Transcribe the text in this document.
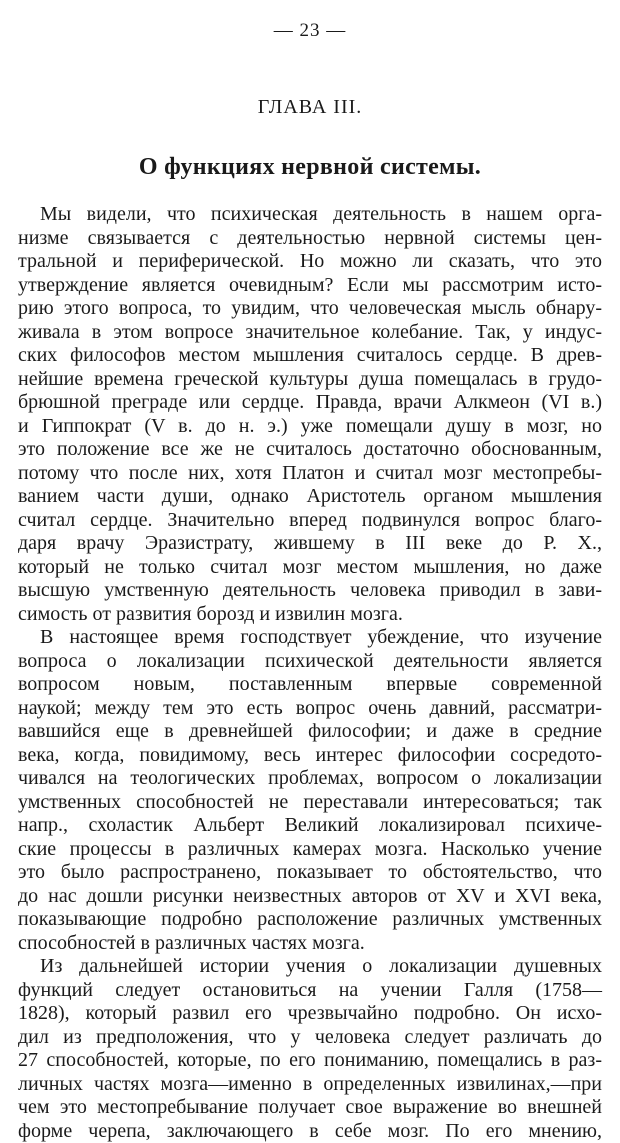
— 23 —
ГЛАВА III.
О функциях нервной системы.
Мы видели, что психическая деятельность в нашем орга-
низме связывается с деятельностью нервной системы цен-
тральной и периферической. Но можно ли сказать, что это
утверждение является очевидным? Если мы рассмотрим исто-
рию этого вопроса, то увидим, что человеческая мысль обнару-
живала в этом вопросе значительное колебание. Так, у индус-
ских философов местом мышления считалось сердце. В древ-
нейшие времена греческой культуры душа помещалась в грудо-
брюшной преграде или сердце. Правда, врачи Алкмеон (VI в.)
и Гиппократ (V в. до н. э.) уже помещали душу в мозг, но
это положение все же не считалось достаточно обоснованным,
потому что после них, хотя Платон и считал мозг местопребы-
ванием части души, однако Аристотель органом мышления
считал сердце. Значительно вперед подвинулся вопрос благо-
даря врачу Эразистрату, жившему в III веке до Р. Х.,
который не только считал мозг местом мышления, но даже
высшую умственную деятельность человека приводил в зави-
симость от развития борозд и извилин мозга.
В настоящее время господствует убеждение, что изучение
вопроса о локализации психической деятельности является
вопросом новым, поставленным впервые современной
наукой; между тем это есть вопрос очень давний, рассматри-
вавшийся еще в древнейшей философии; и даже в средние
века, когда, повидимому, весь интерес философии сосредото-
чивался на теологических проблемах, вопросом о локализации
умственных способностей не переставали интересоваться; так
напр., схоластик Альберт Великий локализировал психиче-
ские процессы в различных камерах мозга. Насколько учение
это было распространено, показывает то обстоятельство, что
до нас дошли рисунки неизвестных авторов от XV и XVI века,
показывающие подробно расположение различных умственных
способностей в различных частях мозга.
Из дальнейшей истории учения о локализации душевных
функций следует остановиться на учении Галля (1758—
1828), который развил его чрезвычайно подробно. Он исхо-
дил из предположения, что у человека следует различать до
27 способностей, которые, по его пониманию, помещались в раз-
личных частях мозга—именно в определенных извилинах,—при
чем это местопребывание получает свое выражение во внешней
форме черепа, заключающего в себе мозг. По его мнению,
